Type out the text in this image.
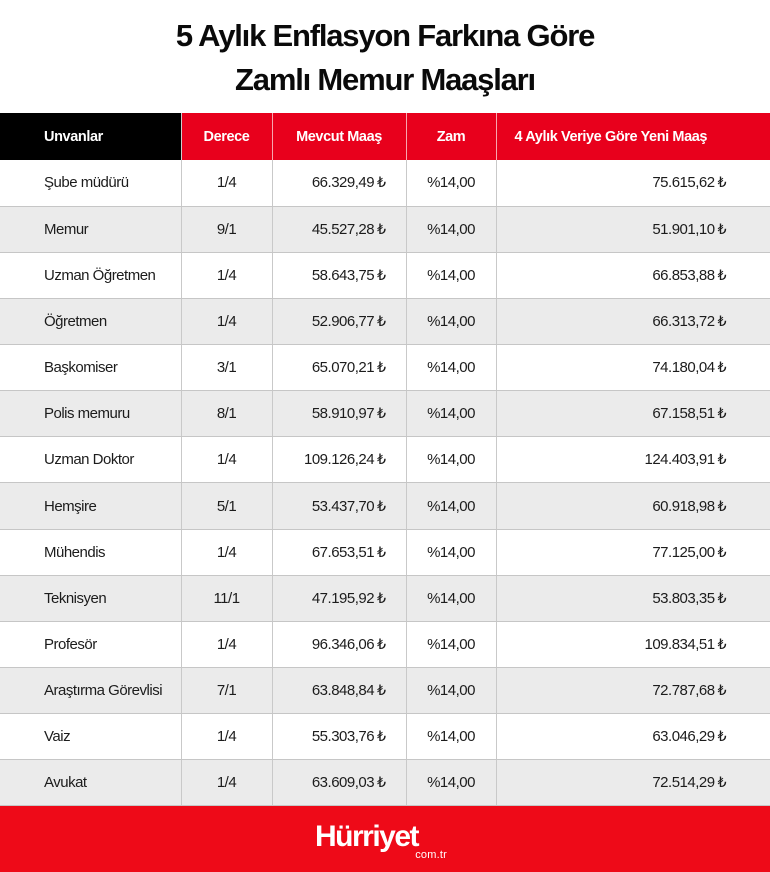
5 Aylık Enflasyon Farkına Göre
Zamlı Memur Maaşları
Unvanlar	Derece	Mevcut Maaş	Zam	4 Aylık Veriye Göre Yeni Maaş
Şube müdürü	1/4	66.329,49 ₺	%14,00	75.615,62 ₺
Memur	9/1	45.527,28 ₺	%14,00	51.901,10 ₺
Uzman Öğretmen	1/4	58.643,75 ₺	%14,00	66.853,88 ₺
Öğretmen	1/4	52.906,77 ₺	%14,00	66.313,72 ₺
Başkomiser	3/1	65.070,21 ₺	%14,00	74.180,04 ₺
Polis memuru	8/1	58.910,97 ₺	%14,00	67.158,51 ₺
Uzman Doktor	1/4	109.126,24 ₺	%14,00	124.403,91 ₺
Hemşire	5/1	53.437,70 ₺	%14,00	60.918,98 ₺
Mühendis	1/4	67.653,51 ₺	%14,00	77.125,00 ₺
Teknisyen	11/1	47.195,92 ₺	%14,00	53.803,35 ₺
Profesör	1/4	96.346,06 ₺	%14,00	109.834,51 ₺
Araştırma Görevlisi	7/1	63.848,84 ₺	%14,00	72.787,68 ₺
Vaiz	1/4	55.303,76 ₺	%14,00	63.046,29 ₺
Avukat	1/4	63.609,03 ₺	%14,00	72.514,29 ₺
Hürriyet
com.tr
